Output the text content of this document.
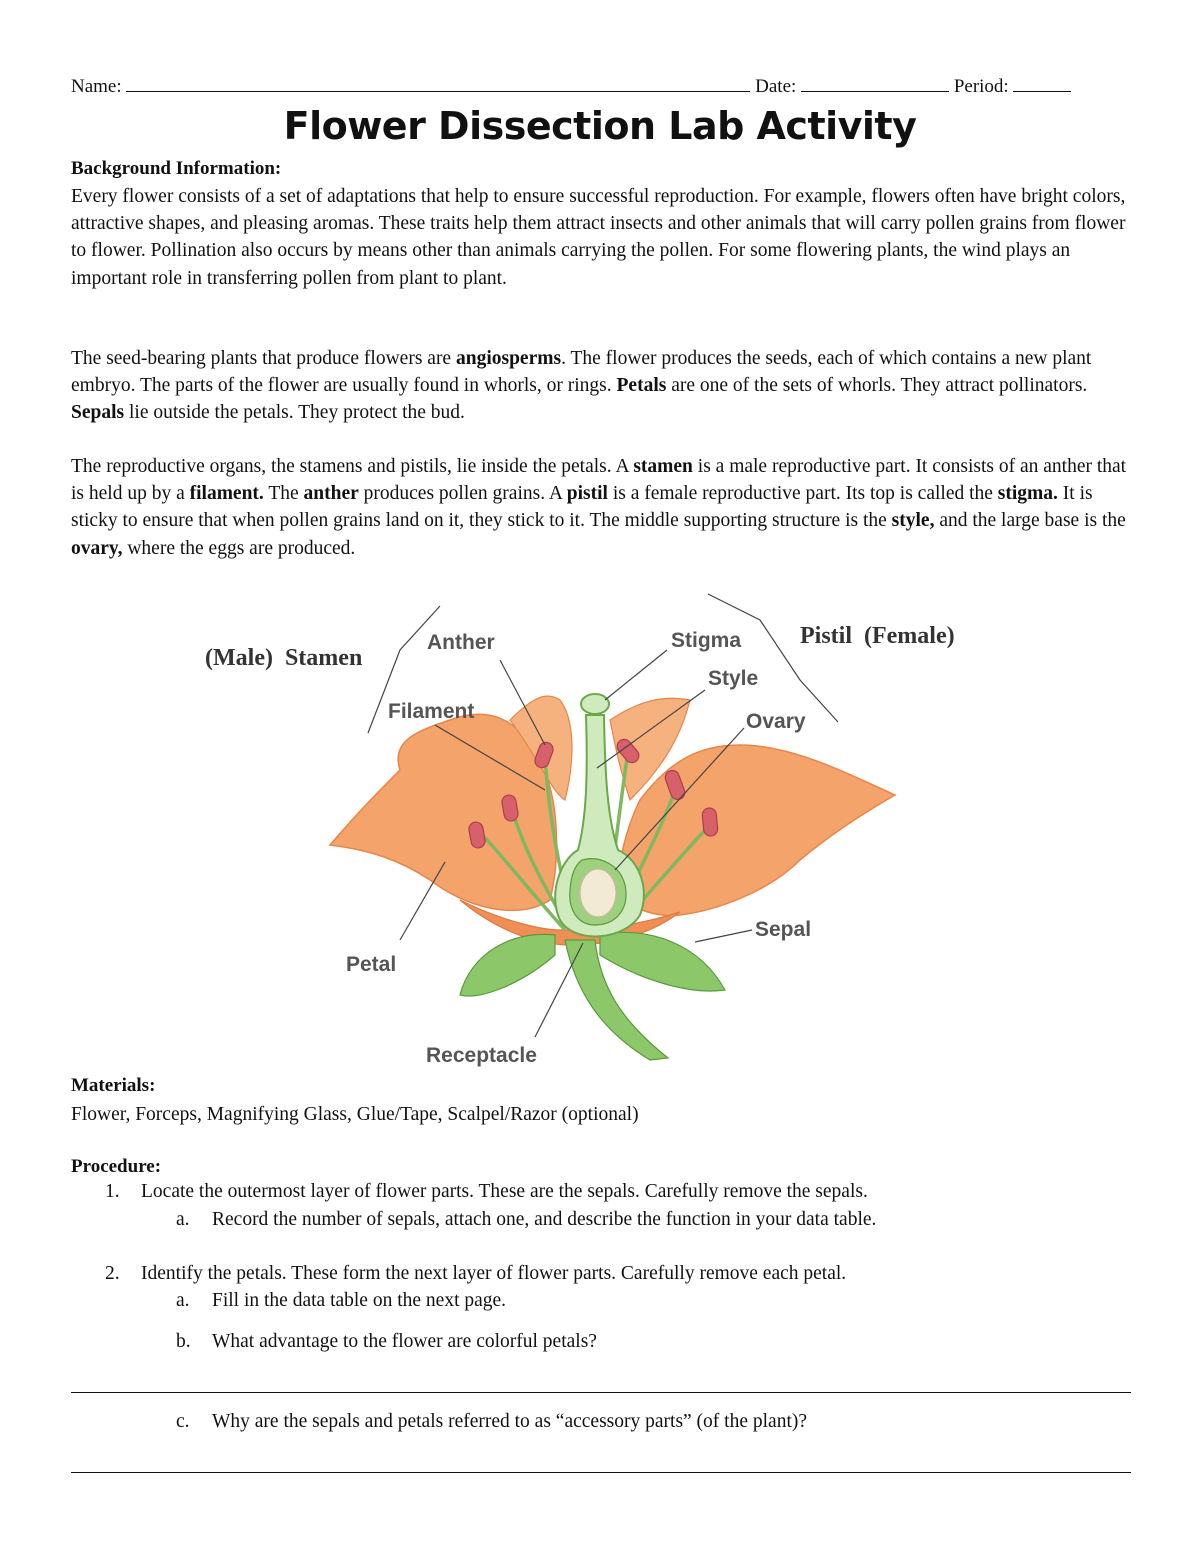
Name:	Date:	Period:
Flower Dissection Lab Activity
Background Information:
Every flower consists of a set of adaptations that help to ensure successful reproduction. For example, flowers often have bright colors, attractive shapes, and pleasing aromas. These traits help them attract insects and other animals that will carry pollen grains from flower to flower. Pollination also occurs by means other than animals carrying the pollen. For some flowering plants, the wind plays an important role in transferring pollen from plant to plant.
The seed-bearing plants that produce flowers are angiosperms. The flower produces the seeds, each of which contains a new plant embryo. The parts of the flower are usually found in whorls, or rings. Petals are one of the sets of whorls. They attract pollinators. Sepals lie outside the petals. They protect the bud.
The reproductive organs, the stamens and pistils, lie inside the petals. A stamen is a male reproductive part. It consists of an anther that is held up by a filament. The anther produces pollen grains. A pistil is a female reproductive part. Its top is called the stigma. It is sticky to ensure that when pollen grains land on it, they stick to it. The middle supporting structure is the style, and the large base is the ovary, where the eggs are produced.
(Male)  Stamen
Pistil  (Female)
Anther
Filament
Stigma
Style
Ovary
Sepal
Petal
Receptacle
Materials:
Flower, Forceps, Magnifying Glass, Glue/Tape, Scalpel/Razor (optional)
Procedure:
1. Locate the outermost layer of flower parts. These are the sepals. Carefully remove the sepals.
a. Record the number of sepals, attach one, and describe the function in your data table.
2. Identify the petals. These form the next layer of flower parts. Carefully remove each petal.
a. Fill in the data table on the next page.
b. What advantage to the flower are colorful petals?
c. Why are the sepals and petals referred to as “accessory parts” (of the plant)?
